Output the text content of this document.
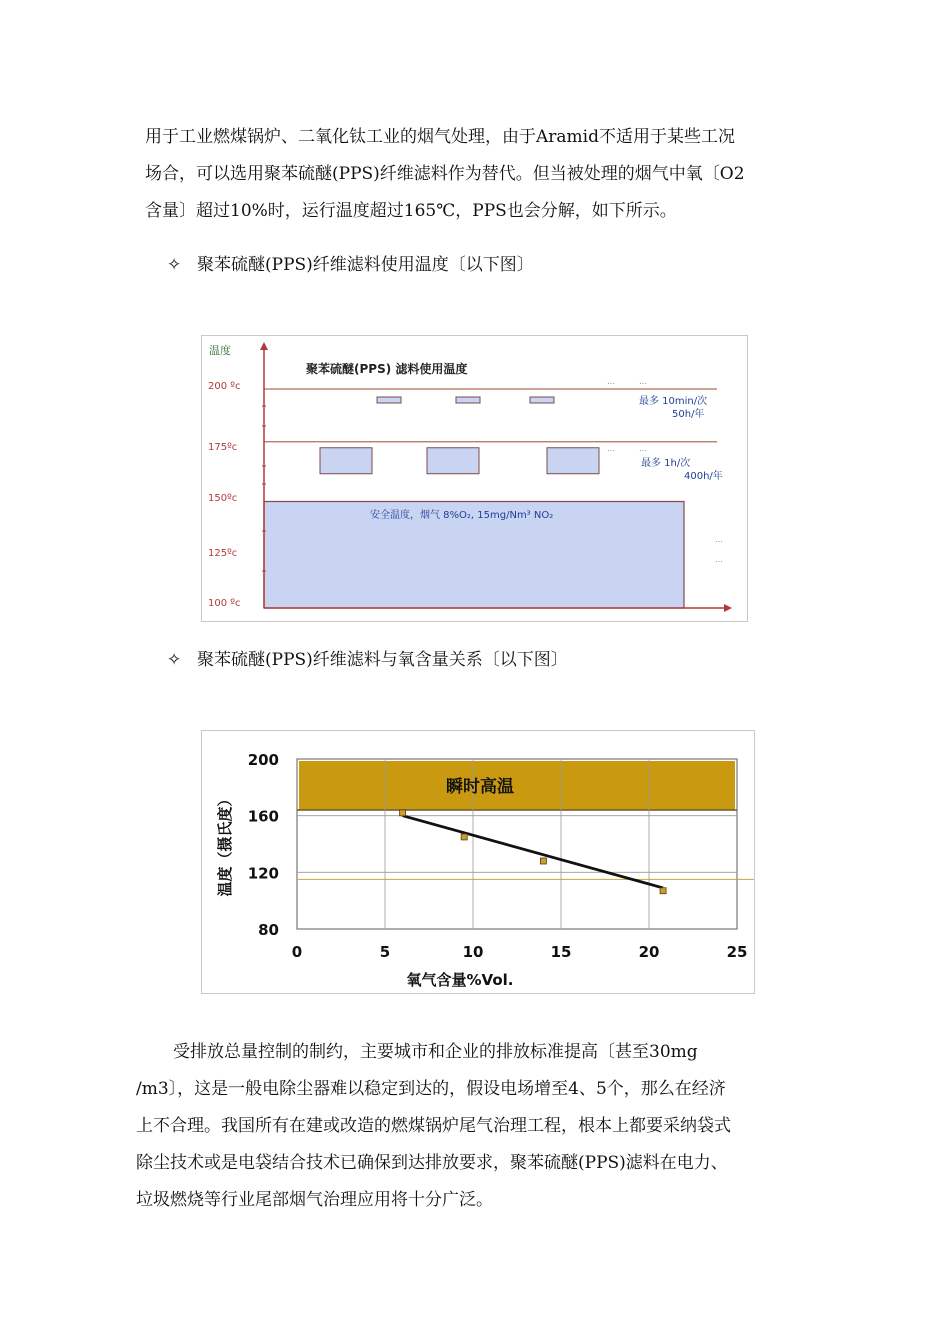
用于工业燃煤锅炉、二氧化钛工业的烟气处理，由于Aramid不适用于某些工况
场合，可以选用聚苯硫醚(PPS)纤维滤料作为替代。但当被处理的烟气中氧〔O2
含量〕超过10%时，运行温度超过165℃，PPS也会分解，如下所示。
✧ 聚苯硫醚(PPS)纤维滤料使用温度〔以下图〕
…	…
…	…
…
…
温度
聚苯硫醚(PPS) 滤料使用温度
200 ºc
175ºc
150ºc
125ºc
100 ºc
最多 10min/次
50h/年
最多 1h/次
400h/年
安全温度，烟气 8%O₂, 15mg/Nm³ NO₂
✧ 聚苯硫醚(PPS)纤维滤料与氧含量关系〔以下图〕
0	5	10	15	20	25
200
160
120
80
瞬时高温
氧气含量%Vol.
温度（摄氏度）
受排放总量控制的制约，主要城市和企业的排放标准提高〔甚至30mg
/m3〕，这是一般电除尘器难以稳定到达的，假设电场增至4、5个，那么在经济
上不合理。我国所有在建或改造的燃煤锅炉尾气治理工程，根本上都要采纳袋式
除尘技术或是电袋结合技术已确保到达排放要求，聚苯硫醚(PPS)滤料在电力、
垃圾燃烧等行业尾部烟气治理应用将十分广泛。
